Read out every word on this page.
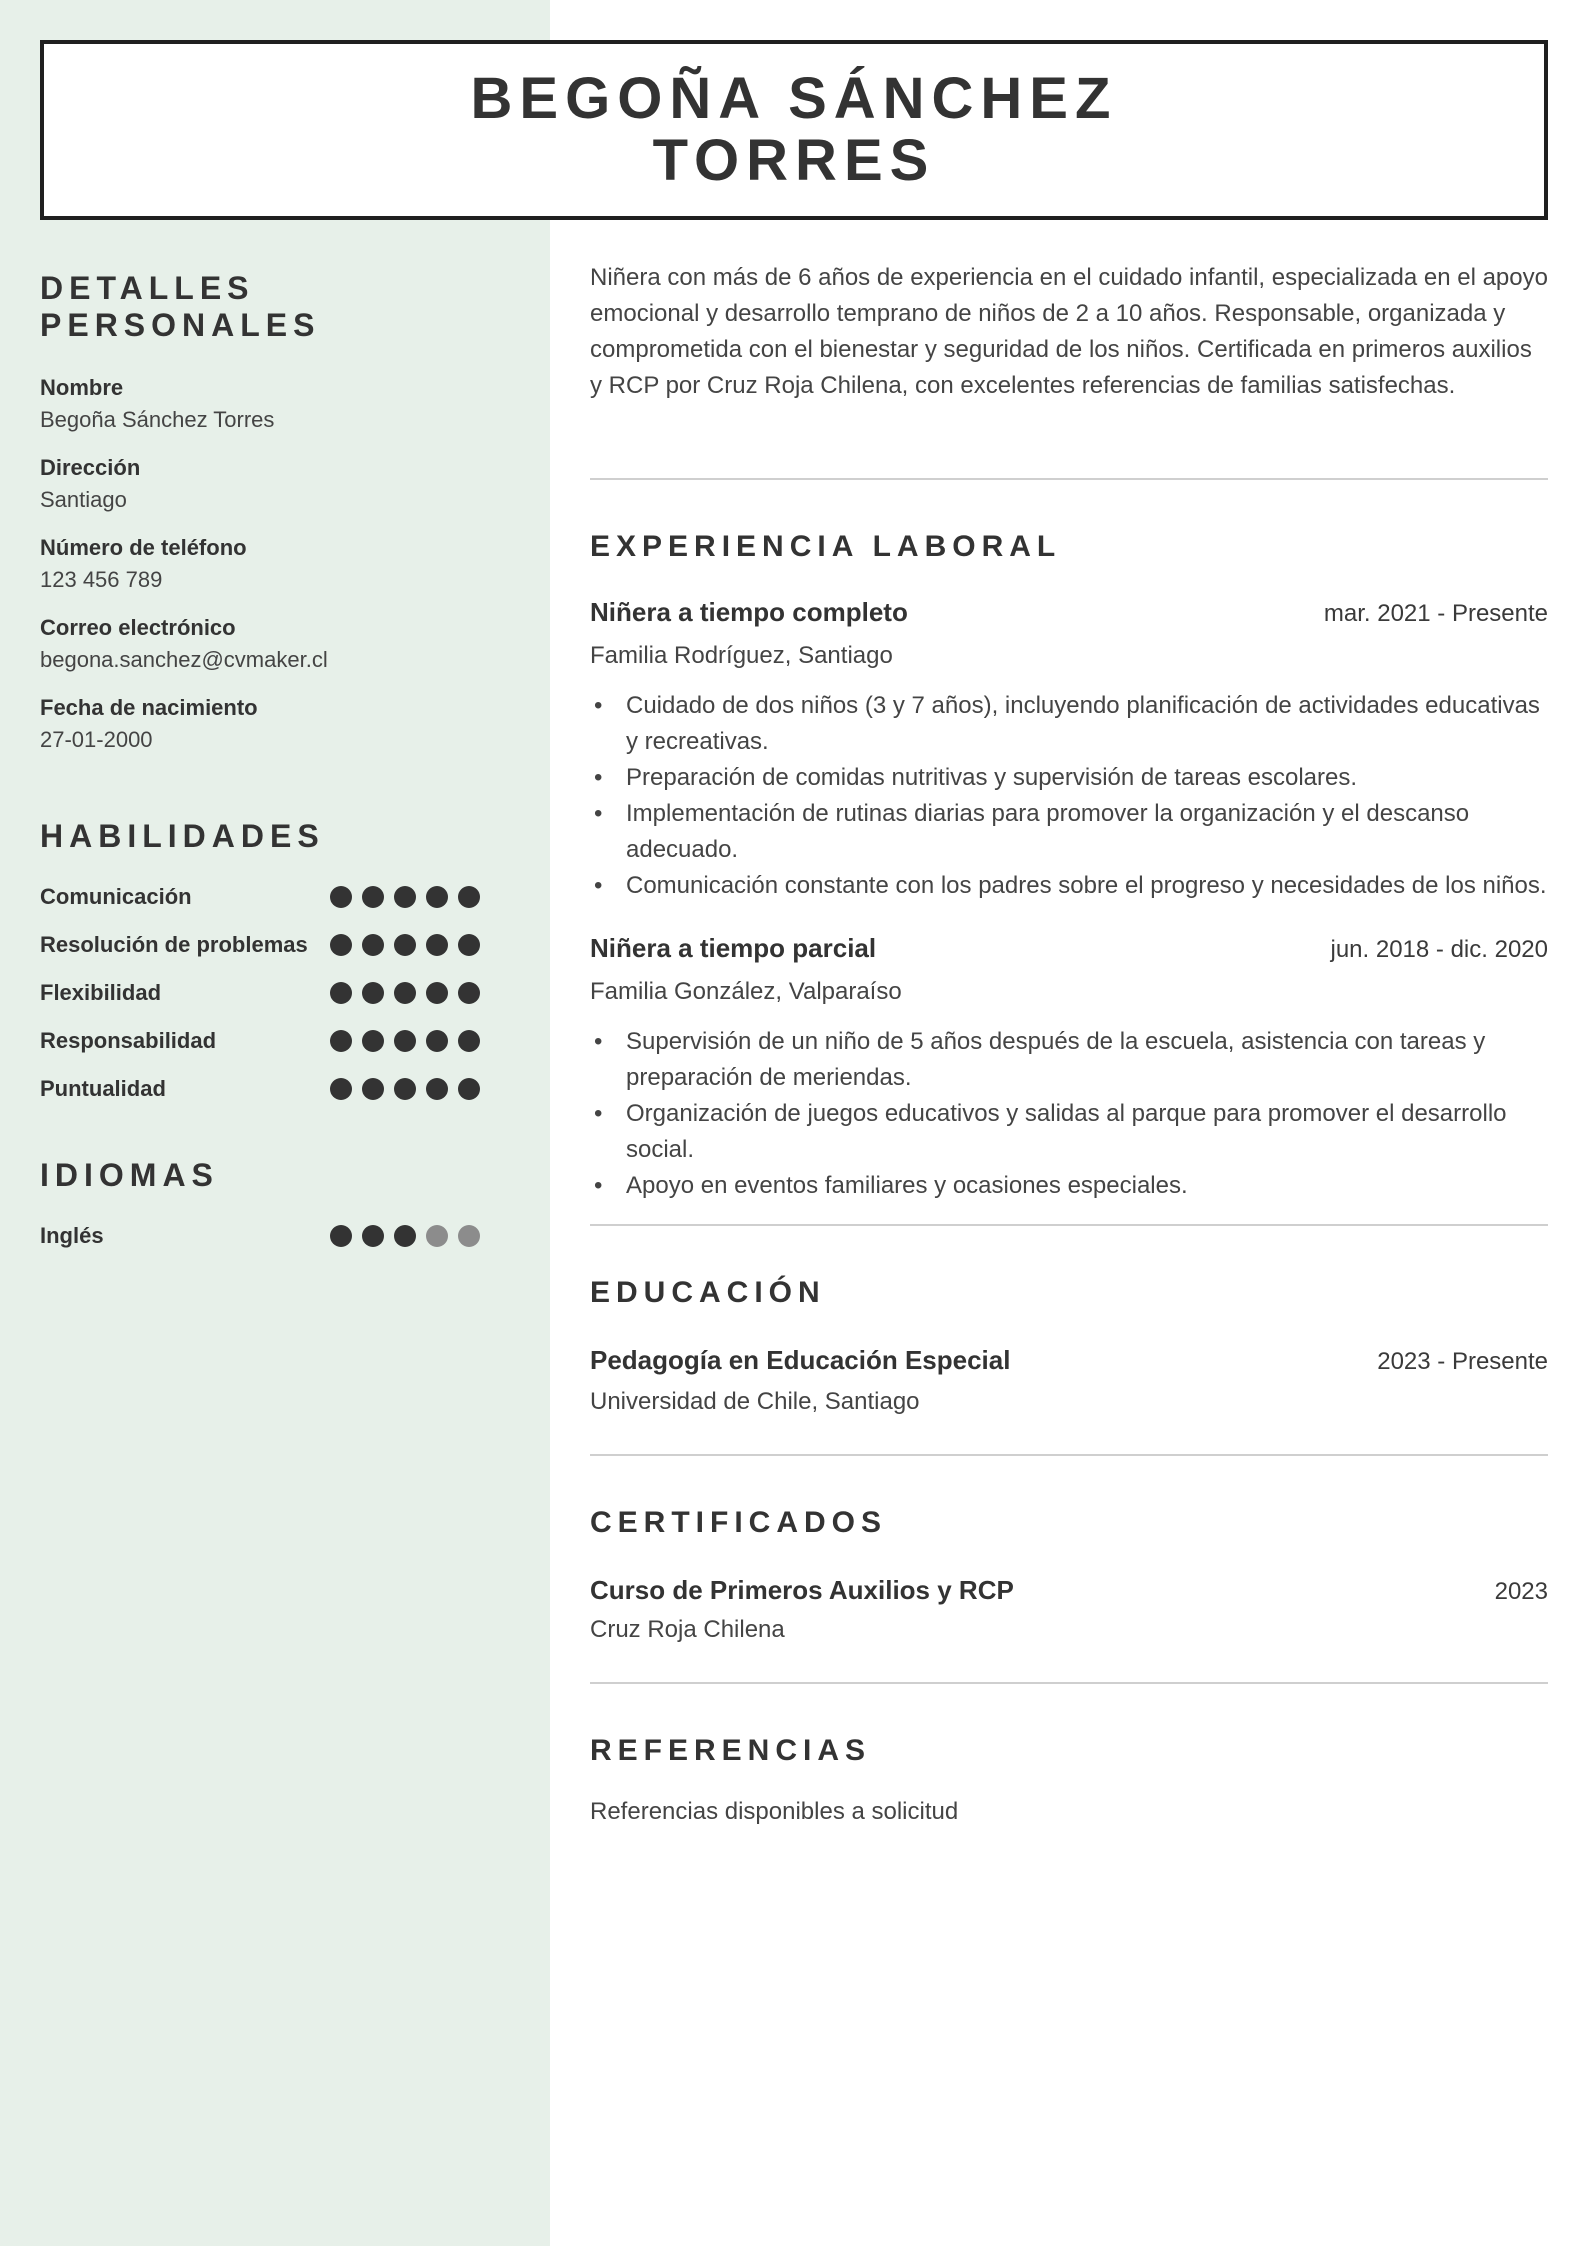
BEGOÑA SÁNCHEZ
TORRES
DETALLES PERSONALES
Nombre
Begoña Sánchez Torres
Dirección
Santiago
Número de teléfono
123 456 789
Correo electrónico
begona.sanchez@cvmaker.cl
Fecha de nacimiento
27-01-2000
HABILIDADES
Comunicación
Resolución de problemas
Flexibilidad
Responsabilidad
Puntualidad
IDIOMAS
Inglés

Niñera con más de 6 años de experiencia en el cuidado infantil, especializada en el apoyo emocional y desarrollo temprano de niños de 2 a 10 años. Responsable, organizada y comprometida con el bienestar y seguridad de los niños. Certificada en primeros auxilios y RCP por Cruz Roja Chilena, con excelentes referencias de familias satisfechas.

EXPERIENCIA LABORAL
Niñera a tiempo completo	mar. 2021 - Presente
Familia Rodríguez, Santiago
• Cuidado de dos niños (3 y 7 años), incluyendo planificación de actividades educativas y recreativas.
• Preparación de comidas nutritivas y supervisión de tareas escolares.
• Implementación de rutinas diarias para promover la organización y el descanso adecuado.
• Comunicación constante con los padres sobre el progreso y necesidades de los niños.
Niñera a tiempo parcial	jun. 2018 - dic. 2020
Familia González, Valparaíso
• Supervisión de un niño de 5 años después de la escuela, asistencia con tareas y preparación de meriendas.
• Organización de juegos educativos y salidas al parque para promover el desarrollo social.
• Apoyo en eventos familiares y ocasiones especiales.
EDUCACIÓN
Pedagogía en Educación Especial	2023 - Presente
Universidad de Chile, Santiago
CERTIFICADOS
Curso de Primeros Auxilios y RCP	2023
Cruz Roja Chilena
REFERENCIAS
Referencias disponibles a solicitud
